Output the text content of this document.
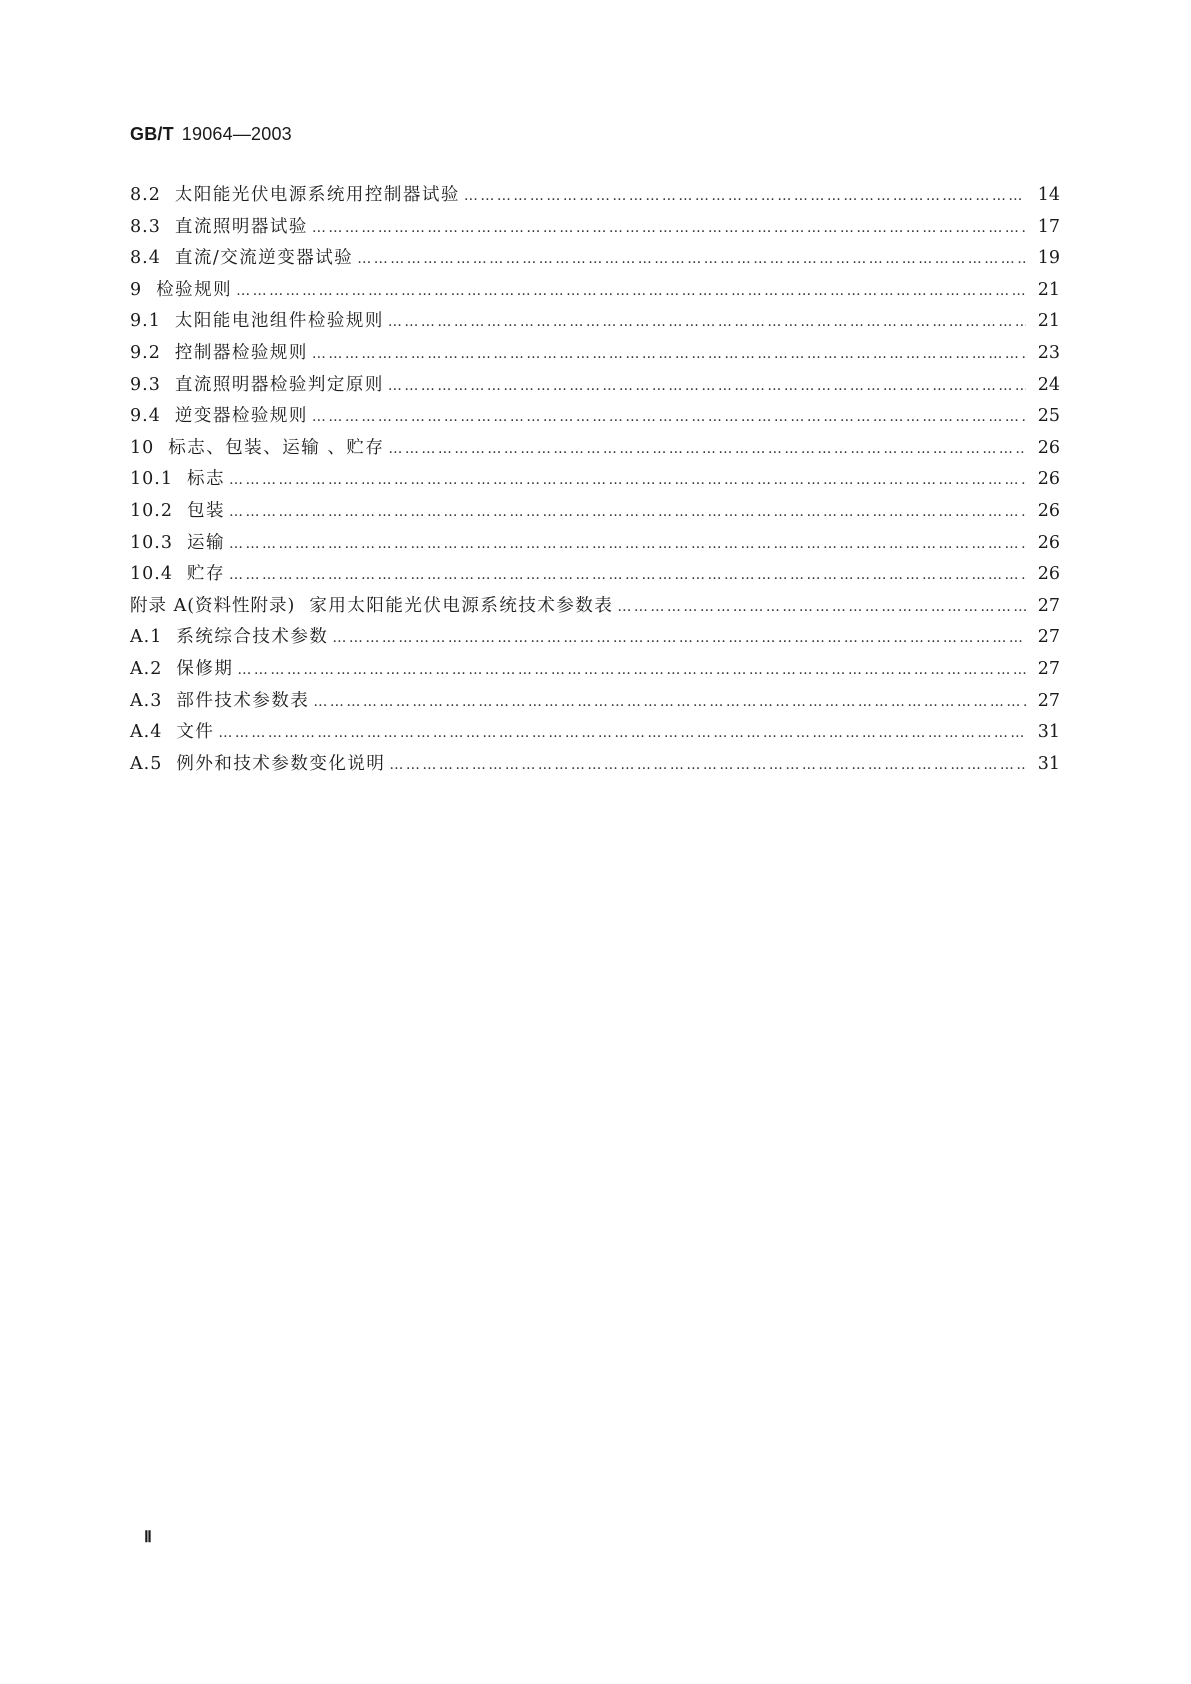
GB/T 19064—2003
8.2 太阳能光伏电源系统用控制器试验 …………………………………………………………………………………………………………………………………………………………………………………………………………	14
8.3 直流照明器试验 …………………………………………………………………………………………………………………………………………………………………………………………………………	17
8.4 直流/交流逆变器试验 …………………………………………………………………………………………………………………………………………………………………………………………………………	19
9 检验规则 …………………………………………………………………………………………………………………………………………………………………………………………………………	21
9.1 太阳能电池组件检验规则 …………………………………………………………………………………………………………………………………………………………………………………………………………	21
9.2 控制器检验规则 …………………………………………………………………………………………………………………………………………………………………………………………………………	23
9.3 直流照明器检验判定原则 …………………………………………………………………………………………………………………………………………………………………………………………………………	24
9.4 逆变器检验规则 …………………………………………………………………………………………………………………………………………………………………………………………………………	25
10 标志、包装、运输 、贮存 …………………………………………………………………………………………………………………………………………………………………………………………………………	26
10.1 标志 …………………………………………………………………………………………………………………………………………………………………………………………………………	26
10.2 包装 …………………………………………………………………………………………………………………………………………………………………………………………………………	26
10.3 运输 …………………………………………………………………………………………………………………………………………………………………………………………………………	26
10.4 贮存 …………………………………………………………………………………………………………………………………………………………………………………………………………	26
附录 A(资料性附录) 家用太阳能光伏电源系统技术参数表 …………………………………………………………………………………………………………………………………………………………………………………………………………	27
A.1 系统综合技术参数 …………………………………………………………………………………………………………………………………………………………………………………………………………	27
A.2 保修期 …………………………………………………………………………………………………………………………………………………………………………………………………………	27
A.3 部件技术参数表 …………………………………………………………………………………………………………………………………………………………………………………………………………	27
A.4 文件 …………………………………………………………………………………………………………………………………………………………………………………………………………	31
A.5 例外和技术参数变化说明 …………………………………………………………………………………………………………………………………………………………………………………………………………	31
Ⅱ
